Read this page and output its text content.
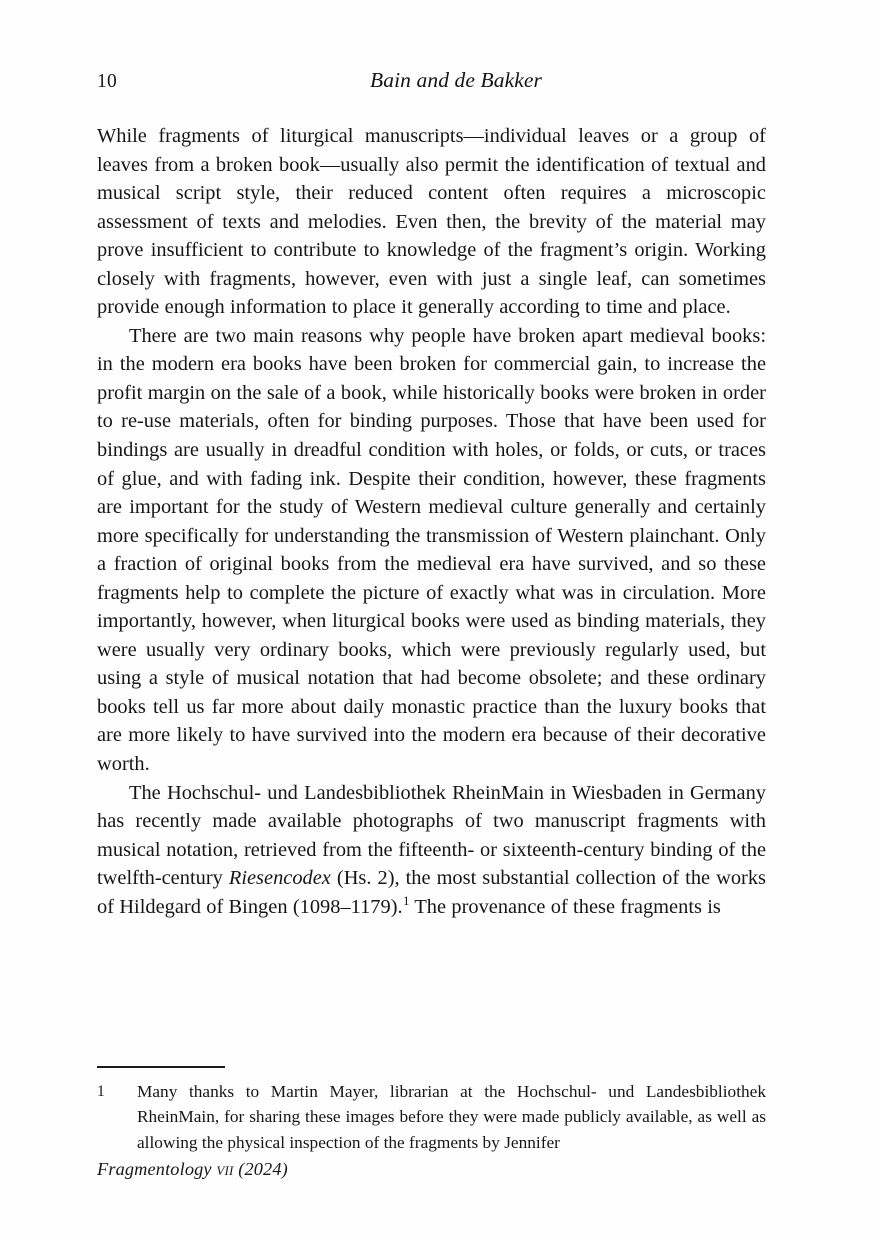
10	Bain and de Bakker

While fragments of liturgical manuscripts—individual leaves or a group of leaves from a broken book—usually also permit the identification of textual and musical script style, their reduced content often requires a microscopic assessment of texts and melodies. Even then, the brevity of the material may prove insufficient to contribute to knowledge of the fragment’s origin. Working closely with fragments, however, even with just a single leaf, can sometimes provide enough information to place it generally according to time and place.

There are two main reasons why people have broken apart medieval books: in the modern era books have been broken for commercial gain, to increase the profit margin on the sale of a book, while historically books were broken in order to re-use materials, often for binding purposes. Those that have been used for bindings are usually in dreadful condition with holes, or folds, or cuts, or traces of glue, and with fading ink. Despite their condition, however, these fragments are important for the study of Western medieval culture generally and certainly more specifically for understanding the transmission of Western plainchant. Only a fraction of original books from the medieval era have survived, and so these fragments help to complete the picture of exactly what was in circulation. More importantly, however, when liturgical books were used as binding materials, they were usually very ordinary books, which were previously regularly used, but using a style of musical notation that had become obsolete; and these ordinary books tell us far more about daily monastic practice than the luxury books that are more likely to have survived into the modern era because of their decorative worth.

The Hochschul- und Landesbibliothek RheinMain in Wiesbaden in Germany has recently made available photographs of two manuscript fragments with musical notation, retrieved from the fifteenth- or sixteenth-century binding of the twelfth-century Riesencodex (Hs. 2), the most substantial collection of the works of Hildegard of Bingen (1098–1179).$^1$ The provenance of these fragments is

1	Many thanks to Martin Mayer, librarian at the Hochschul- und Landesbibliothek RheinMain, for sharing these images before they were made publicly available, as well as allowing the physical inspection of the fragments by Jennifer
Fragmentology vii (2024)
